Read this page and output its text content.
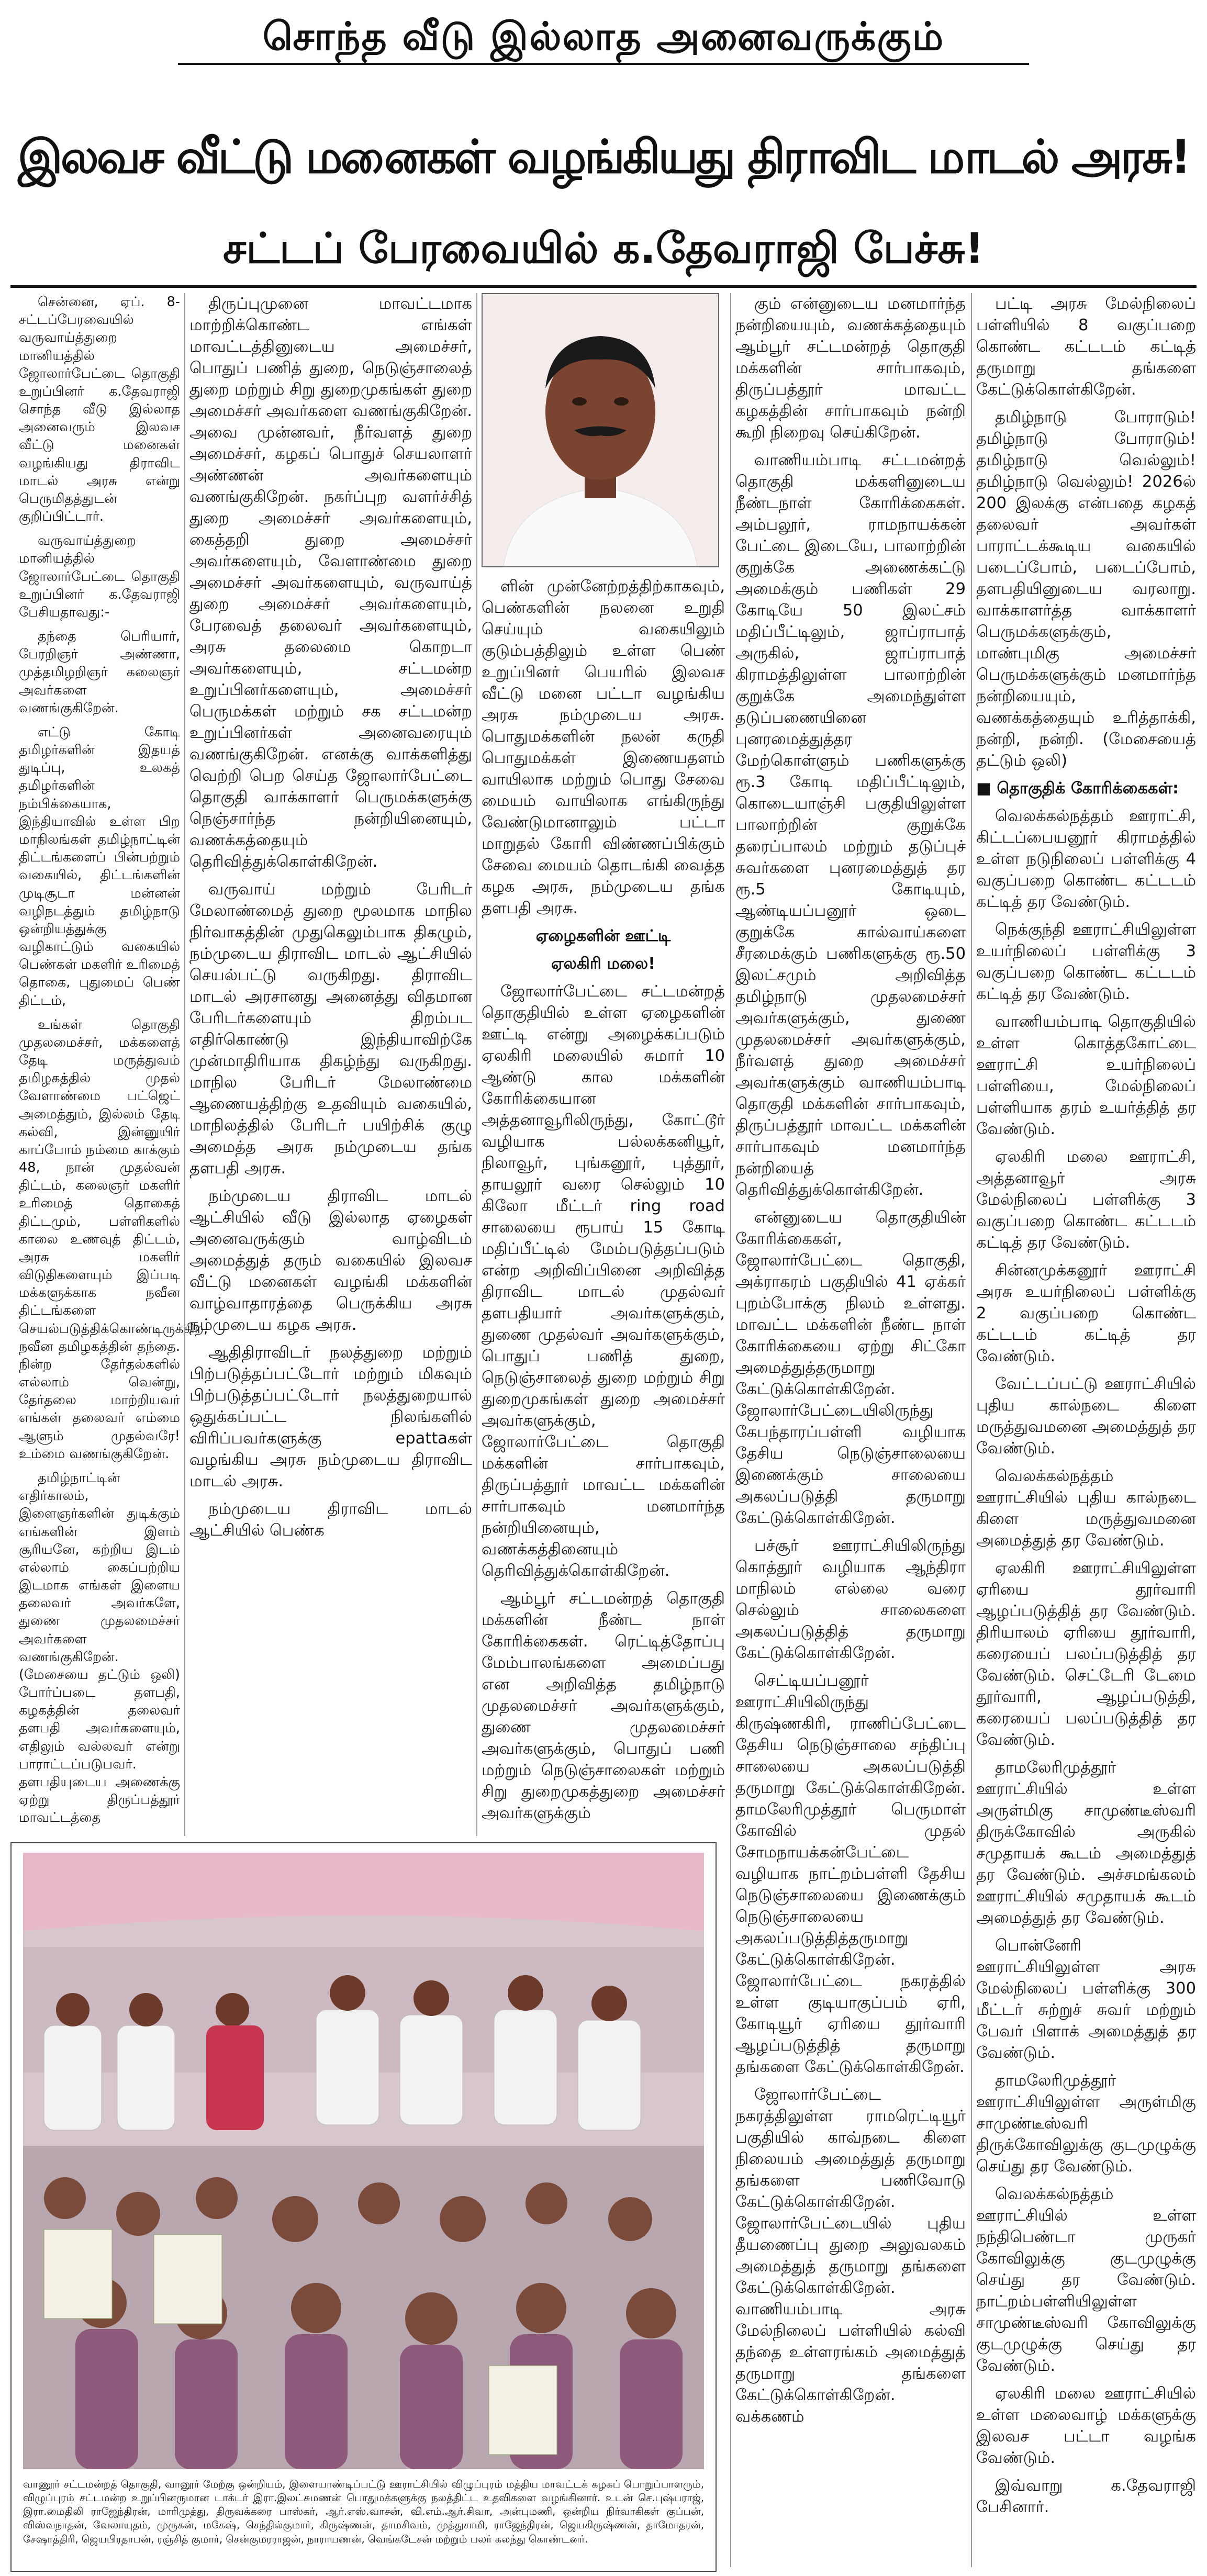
சொந்த வீடு இல்லாத அனைவருக்கும்
இலவச வீட்டு மனைகள் வழங்கியது திராவிட மாடல் அரசு!
சட்டப் பேரவையில் க.தேவராஜி பேச்சு!

சென்னை, ஏப். 8- சட்டப்பேரவையில் வருவாய்த்துறை மானியத்தில் ஜோலார்பேட்டை தொகுதி உறுப்பினர் க.தேவராஜி சொந்த வீடு இல்லாத அனைவரும் இலவச வீட்டு மனைகள் வழங்கியது திராவிட மாடல் அரசு என்று பெருமிதத்துடன் குறிப்பிட்டார்.

வருவாய்த்துறை மானியத்தில் ஜோலார்பேட்டை தொகுதி உறுப்பினர் க.தேவராஜி பேசியதாவது:-

தந்தை பெரியார், பேரறிஞர் அண்ணா, முத்தமிழறிஞர் கலைஞர் அவர்களை வணங்குகிறேன்.

எட்டு கோடி தமிழர்களின் இதயத் துடிப்பு, உலகத் தமிழர்களின் நம்பிக்கையாக, இந்தியாவில் உள்ள பிற மாநிலங்கள் தமிழ்நாட்டின் திட்டங்களைப் பின்பற்றும் வகையில், திட்டங்களின் முடிசூடா மன்னன் வழிநடத்தும் தமிழ்நாடு ஒன்றியத்துக்கு வழிகாட்டும் வகையில் பெண்கள் மகளிர் உரிமைத் தொகை, புதுமைப் பெண் திட்டம்,

உங்கள் தொகுதி முதலமைச்சர், மக்களைத் தேடி மருத்துவம் தமிழகத்தில் முதல் வேளாண்மை பட்ஜெட் அமைத்தும், இல்லம் தேடி கல்வி, இன்னுயிர் காப்போம் நம்மை காக்கும் 48, நான் முதல்வன் திட்டம், கலைஞர் மகளிர் உரிமைத் தொகைத் திட்டமும், பள்ளிகளில் காலை உணவுத் திட்டம், அரசு மகளிர் விடுதிகளையும் இப்படி மக்களுக்காக நவீன திட்டங்களை செயல்படுத்திக்கொண்டிருக்கிற, நவீன தமிழகத்தின் தந்தை. நின்ற தேர்தல்களில் எல்லாம் வென்று, தேர்தலை மாற்றியவர் எங்கள் தலைவர் எம்மை ஆளும் முதல்வரே! உம்மை வணங்குகிறேன்.

தமிழ்நாட்டின் எதிர்காலம், இளைஞர்களின் துடிக்கும் எங்களின் இளம் சூரியனே, கற்றிய இடம் எல்லாம் கைப்பற்றிய இடமாக எங்கள் இளைய தலைவர் அவர்களே, துணை முதலமைச்சர் அவர்களை வணங்குகிறேன். (மேசையை தட்டும் ஒலி) போர்ப்படை தளபதி, கழகத்தின் தலைவர் தளபதி அவர்களையும், எதிலும் வல்லவர் என்று பாராட்டப்படுபவர். தளபதியுடைய அணைக்கு ஏற்று திருப்பத்தூர் மாவட்டத்தை

திருப்புமுனை மாவட்டமாக மாற்றிக்கொண்ட எங்கள் மாவட்டத்தினுடைய அமைச்சர், பொதுப் பணித் துறை, நெடுஞ்சாலைத் துறை மற்றும் சிறு துறைமுகங்கள் துறை அமைச்சர் அவர்களை வணங்குகிறேன். அவை முன்னவர், நீர்வளத் துறை அமைச்சர், கழகப் பொதுச் செயலாளர் அண்ணன் அவர்களையும் வணங்குகிறேன். நகர்ப்புற வளர்ச்சித் துறை அமைச்சர் அவர்களையும், கைத்தறி துறை அமைச்சர் அவர்களையும், வேளாண்மை துறை அமைச்சர் அவர்களையும், வருவாய்த் துறை அமைச்சர் அவர்களையும், பேரவைத் தலைவர் அவர்களையும், அரசு தலைமை கொறடா அவர்களையும், சட்டமன்ற உறுப்பினர்களையும், அமைச்சர் பெருமக்கள் மற்றும் சக சட்டமன்ற உறுப்பினர்கள் அனைவரையும் வணங்குகிறேன். எனக்கு வாக்களித்து வெற்றி பெற செய்த ஜோலார்பேட்டை தொகுதி வாக்காளர் பெருமக்களுக்கு நெஞ்சார்ந்த நன்றியினையும், வணக்கத்தையும் தெரிவித்துக்கொள்கிறேன்.

வருவாய் மற்றும் பேரிடர் மேலாண்மைத் துறை மூலமாக மாநில நிர்வாகத்தின் முதுகெலும்பாக திகழும், நம்முடைய திராவிட மாடல் ஆட்சியில் செயல்பட்டு வருகிறது. திராவிட மாடல் அரசானது அனைத்து விதமான பேரிடர்களையும் திறம்பட எதிர்கொண்டு இந்தியாவிற்கே முன்மாதிரியாக திகழ்ந்து வருகிறது. மாநில பேரிடர் மேலாண்மை ஆணையத்திற்கு உதவியும் வகையில், மாநிலத்தில் பேரிடர் பயிற்சிக் குழு அமைத்த அரசு நம்முடைய தங்க தளபதி அரசு.

நம்முடைய திராவிட மாடல் ஆட்சியில் வீடு இல்லாத ஏழைகள் அனைவருக்கும் வாழ்விடம் அமைத்துத் தரும் வகையில் இலவச வீட்டு மனைகள் வழங்கி மக்களின் வாழ்வாதாரத்தை பெருக்கிய அரசு நம்முடைய கழக அரசு.

ஆதிதிராவிடர் நலத்துறை மற்றும் பிற்படுத்தப்பட்டோர் மற்றும் மிகவும் பிற்படுத்தப்பட்டோர் நலத்துறையால் ஒதுக்கப்பட்ட நிலங்களில் விரிப்பவர்களுக்கு epattaகள் வழங்கிய அரசு நம்முடைய திராவிட மாடல் அரசு.

நம்முடைய திராவிட மாடல் ஆட்சியில் பெண்க

ளின் முன்னேற்றத்திற்காகவும், பெண்களின் நலனை உறுதி செய்யும் வகையிலும் குடும்பத்திலும் உள்ள பெண் உறுப்பினர் பெயரில் இலவச வீட்டு மனை பட்டா வழங்கிய அரசு நம்முடைய அரசு. பொதுமக்களின் நலன் கருதி பொதுமக்கள் இணையதளம் வாயிலாக மற்றும் பொது சேவை மையம் வாயிலாக எங்கிருந்து வேண்டுமானாலும் பட்டா மாறுதல் கோரி விண்ணப்பிக்கும் சேவை மையம் தொடங்கி வைத்த கழக அரசு, நம்முடைய தங்க தளபதி அரசு.

ஏழைகளின் ஊட்டி

ஏலகிரி மலை!

ஜோலார்பேட்டை சட்டமன்றத் தொகுதியில் உள்ள ஏழைகளின் ஊட்டி என்று அழைக்கப்படும் ஏலகிரி மலையில் சுமார் 10 ஆண்டு கால மக்களின் கோரிக்கையான அத்தனாவூரிலிருந்து, கோட்டூர் வழியாக பல்லக்கனியூர், நிலாவூர், புங்கனூர், புத்தூர், தாயலூர் வரை செல்லும் 10 கிலோ மீட்டர் ring road சாலையை ரூபாய் 15 கோடி மதிப்பீட்டில் மேம்படுத்தப்படும் என்ற அறிவிப்பினை அறிவித்த திராவிட மாடல் முதல்வர் தளபதியார் அவர்களுக்கும், துணை முதல்வர் அவர்களுக்கும், பொதுப் பணித் துறை, நெடுஞ்சாலைத் துறை மற்றும் சிறு துறைமுகங்கள் துறை அமைச்சர் அவர்களுக்கும், ஜோலார்பேட்டை தொகுதி மக்களின் சார்பாகவும், திருப்பத்தூர் மாவட்ட மக்களின் சார்பாகவும் மனமார்ந்த நன்றியினையும், வணக்கத்தினையும் தெரிவித்துக்கொள்கிறேன்.

ஆம்பூர் சட்டமன்றத் தொகுதி மக்களின் நீண்ட நாள் கோரிக்கைகள். ரெட்டித்தோப்பு மேம்பாலங்களை அமைப்பது என அறிவித்த தமிழ்நாடு முதலமைச்சர் அவர்களுக்கும், துணை முதலமைச்சர் அவர்களுக்கும், பொதுப் பணி மற்றும் நெடுஞ்சாலைகள் மற்றும் சிறு துறைமுகத்துறை அமைச்சர் அவர்களுக்கும்

கும் என்னுடைய மனமார்ந்த நன்றியையும், வணக்கத்தையும் ஆம்பூர் சட்டமன்றத் தொகுதி மக்களின் சார்பாகவும், திருப்பத்தூர் மாவட்ட கழகத்தின் சார்பாகவும் நன்றி கூறி நிறைவு செய்கிறேன்.

வாணியம்பாடி சட்டமன்றத் தொகுதி மக்களினுடைய நீண்டநாள் கோரிக்கைகள். அம்பலூர், ராமநாயக்கன் பேட்டை இடையே, பாலாற்றின் குறுக்கே அணைக்கட்டு அமைக்கும் பணிகள் 29 கோடியே 50 இலட்சம் மதிப்பீட்டிலும், ஜாப்ராபாத் அருகில், ஜாப்ராபாத் கிராமத்திலுள்ள பாலாற்றின் குறுக்கே அமைந்துள்ள தடுப்பணையினை புனரமைத்துத்தர மேற்கொள்ளும் பணிகளுக்கு ரூ.3 கோடி மதிப்பீட்டிலும், கொடையாஞ்சி பகுதியிலுள்ள பாலாற்றின் குறுக்கே தரைப்பாலம் மற்றும் தடுப்புச் சுவர்களை புனரமைத்துத் தர ரூ.5 கோடியும், ஆண்டியப்பனூர் ஒடை குறுக்கே கால்வாய்களை சீரமைக்கும் பணிகளுக்கு ரூ.50 இலட்சமும் அறிவித்த தமிழ்நாடு முதலமைச்சர் அவர்களுக்கும், துணை முதலமைச்சர் அவர்களுக்கும், நீர்வளத் துறை அமைச்சர் அவர்களுக்கும் வாணியம்பாடி தொகுதி மக்களின் சார்பாகவும், திருப்பத்தூர் மாவட்ட மக்களின் சார்பாகவும் மனமார்ந்த நன்றியைத் தெரிவித்துக்கொள்கிறேன்.

என்னுடைய தொகுதியின் கோரிக்கைகள், ஜோலார்பேட்டை தொகுதி, அக்ராகரம் பகுதியில் 41 ஏக்கர் புறம்போக்கு நிலம் உள்ளது. மாவட்ட மக்களின் நீண்ட நாள் கோரிக்கையை ஏற்று சிட்கோ அமைத்துத்தருமாறு கேட்டுக்கொள்கிறேன். ஜோலார்பேட்டையிலிருந்து கேபந்தாரப்பள்ளி வழியாக தேசிய நெடுஞ்சாலையை இணைக்கும் சாலையை அகலப்படுத்தி தருமாறு கேட்டுக்கொள்கிறேன்.

பச்சூர் ஊராட்சியிலிருந்து கொத்தூர் வழியாக ஆந்திரா மாநிலம் எல்லை வரை செல்லும் சாலைகளை அகலப்படுத்தித் தருமாறு கேட்டுக்கொள்கிறேன்.

செட்டியப்பனூர் ஊராட்சியிலிருந்து கிருஷ்ணகிரி, ராணிப்பேட்டை தேசிய நெடுஞ்சாலை சந்திப்பு சாலையை அகலப்படுத்தி தருமாறு கேட்டுக்கொள்கிறேன். தாமலேரிமுத்தூர் பெருமாள் கோவில் முதல் சோமநாயக்கன்பேட்டை வழியாக நாட்றம்பள்ளி தேசிய நெடுஞ்சாலையை இணைக்கும் நெடுஞ்சாலையை அகலப்படுத்தித்தருமாறு கேட்டுக்கொள்கிறேன். ஜோலார்பேட்டை நகரத்தில் உள்ள குடியாகுப்பம் ஏரி, கோடியூர் ஏரியை தூர்வாரி ஆழப்படுத்தித் தருமாறு தங்களை கேட்டுக்கொள்கிறேன்.

ஜோலார்பேட்டை நகரத்திலுள்ள ராமரெட்டியூர் பகுதியில் காவ்நடை கிளை நிலையம் அமைத்துத் தருமாறு தங்களை பணிவோடு கேட்டுக்கொள்கிறேன். ஜோலார்பேட்டையில் புதிய தீயணைப்பு துறை அலுவலகம் அமைத்துத் தருமாறு தங்களை கேட்டுக்கொள்கிறேன். வாணியம்பாடி அரசு மேல்நிலைப் பள்ளியில் கல்வி தந்தை உள்ளரங்கம் அமைத்துத் தருமாறு தங்களை கேட்டுக்கொள்கிறேன். வக்கணம்

பட்டி அரசு மேல்நிலைப் பள்ளியில் 8 வகுப்பறை கொண்ட கட்டடம் கட்டித் தருமாறு தங்களை கேட்டுக்கொள்கிறேன்.

தமிழ்நாடு போராடும்! தமிழ்நாடு போராடும்! தமிழ்நாடு வெல்லும்! தமிழ்நாடு வெல்லும்! 2026ல் 200 இலக்கு என்பதை கழகத் தலைவர் அவர்கள் பாராட்டக்கூடிய வகையில் படைப்போம், படைப்போம், தளபதியினுடைய வரலாறு. வாக்காளர்த்த வாக்காளர் பெருமக்களுக்கும், மாண்புமிகு அமைச்சர் பெருமக்களுக்கும் மனமார்ந்த நன்றியையும், வணக்கத்தையும் உரித்தாக்கி, நன்றி, நன்றி. (மேசையைத் தட்டும் ஒலி)

■ தொகுதிக் கோரிக்கைகள்:

வெலக்கல்நத்தம் ஊராட்சி, கிட்டப்பையனூர் கிராமத்தில் உள்ள நடுநிலைப் பள்ளிக்கு 4 வகுப்பறை கொண்ட கட்டடம் கட்டித் தர வேண்டும்.

நெக்குந்தி ஊராட்சியிலுள்ள உயர்நிலைப் பள்ளிக்கு 3 வகுப்பறை கொண்ட கட்டடம் கட்டித் தர வேண்டும்.

வாணியம்பாடி தொகுதியில் உள்ள கொத்தகோட்டை ஊராட்சி உயர்நிலைப் பள்ளியை, மேல்நிலைப் பள்ளியாக தரம் உயர்த்தித் தர வேண்டும்.

ஏலகிரி மலை ஊராட்சி, அத்தனாவூர் அரசு மேல்நிலைப் பள்ளிக்கு 3 வகுப்பறை கொண்ட கட்டடம் கட்டித் தர வேண்டும்.

சின்னமுக்கனூர் ஊராட்சி அரசு உயர்நிலைப் பள்ளிக்கு 2 வகுப்பறை கொண்ட கட்டடம் கட்டித் தர வேண்டும்.

வேட்டப்பட்டு ஊராட்சியில் புதிய கால்நடை கிளை மருத்துவமனை அமைத்துத் தர வேண்டும்.

வெலக்கல்நத்தம் ஊராட்சியில் புதிய கால்நடை கிளை மருத்துவமனை அமைத்துத் தர வேண்டும்.

ஏலகிரி ஊராட்சியிலுள்ள ஏரியை தூர்வாரி ஆழப்படுத்தித் தர வேண்டும். திரியாலம் ஏரியை தூர்வாரி, கரையைப் பலப்படுத்தித் தர வேண்டும். செட்டேரி டேமை தூர்வாரி, ஆழப்படுத்தி, கரையைப் பலப்படுத்தித் தர வேண்டும்.

தாமலேரிமுத்தூர் ஊராட்சியில் உள்ள அருள்மிகு சாமுண்டீஸ்வரி திருக்கோவில் அருகில் சமுதாயக் கூடம் அமைத்துத் தர வேண்டும். அச்சமங்கலம் ஊராட்சியில் சமுதாயக் கூடம் அமைத்துத் தர வேண்டும்.

பொன்னேரி ஊராட்சியிலுள்ள அரசு மேல்நிலைப் பள்ளிக்கு 300 மீட்டர் சுற்றுச் சுவர் மற்றும் பேவர் பிளாக் அமைத்துத் தர வேண்டும்.

தாமலேரிமுத்தூர் ஊராட்சியிலுள்ள அருள்மிகு சாமுண்டீஸ்வரி திருக்கோவிலுக்கு குடமுழுக்கு செய்து தர வேண்டும்.

வெலக்கல்நத்தம் ஊராட்சியில் உள்ள நந்திபெண்டா முருகர் கோவிலுக்கு குடமுழுக்கு செய்து தர வேண்டும். நாட்றம்பள்ளியிலுள்ள சாமுண்டீஸ்வரி கோவிலுக்கு குடமுழுக்கு செய்து தர வேண்டும்.

ஏலகிரி மலை ஊராட்சியில் உள்ள மலைவாழ் மக்களுக்கு இலவச பட்டா வழங்க வேண்டும்.

இவ்வாறு க.தேவராஜி பேசினார்.

வாணூர் சட்டமன்றத் தொகுதி, வானூர் மேற்கு ஒன்றியம், இளையாண்டிப்பட்டு ஊராட்சியில் விழுப்புரம் மத்திய மாவட்டக் கழகப் பொறுப்பாளரும், விழுப்புரம் சட்டமன்ற உறுப்பினருமான டாக்டர் இரா.இலட்சுமணன் பொதுமக்களுக்கு நலத்திட்ட உதவிகளை வழங்கினார். உடன் செ.புஷ்பராஜ், இரா.மைதிலி ராஜேந்திரன், மாரிமுத்து, திருவக்கரை பாஸ்கர், ஆர்.எஸ்.வாசன், வி.எம்.ஆர்.சிவா, அன்புமணி, ஒன்றிய நிர்வாகிகள் குப்பன், விஸ்வநாதன், வேலாயுதம், முருகன், மகேஷ், செந்தில்குமார், கிருஷ்ணன், தாமசிவம், முத்துசாமி, ராஜேந்திரன், ஜெயகிருஷ்ணன், தாமோதரன், சேஷாத்திரி, ஜெயபிரதாபன், ரஞ்சித் குமார், சென்குமரராஜன், நாராயணன், வெங்கடேசன் மற்றும் பலர் கலந்து கொண்டனர்.
